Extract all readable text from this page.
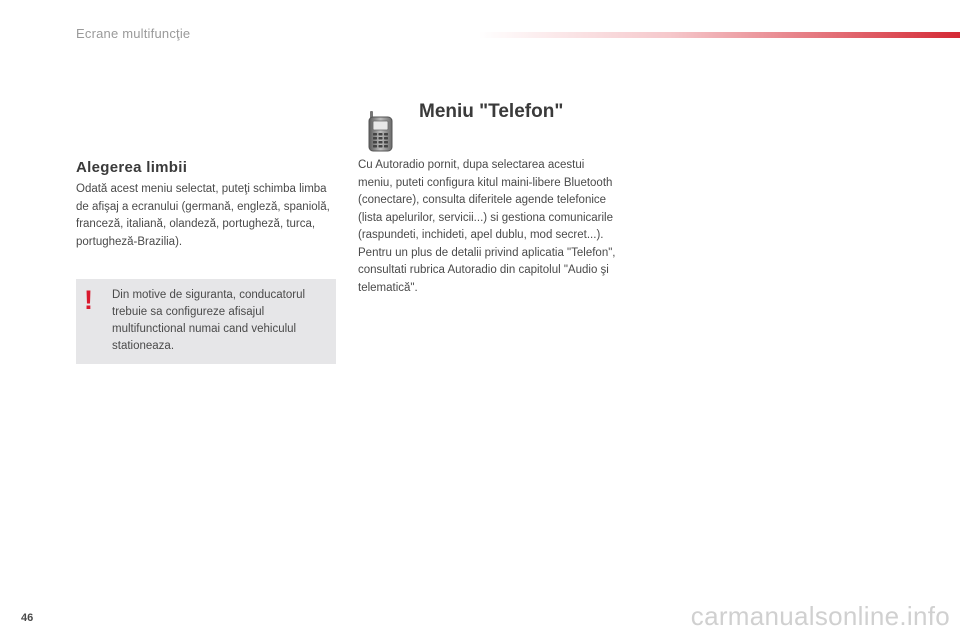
Ecrane multifuncţie
Meniu "Telefon"
Alegerea limbii
Odată acest meniu selectat, puteţi schimba limba de afişaj a ecranului (germană, engleză, spaniolă, franceză, italiană, olandeză, portugheză, turca, portugheză-Brazilia).
! Din motive de siguranta, conducatorul trebuie sa configureze afisajul multifunctional numai cand vehiculul stationeaza.
Cu Autoradio pornit, dupa selectarea acestui meniu, puteti configura kitul maini-libere Bluetooth (conectare), consulta diferitele agende telefonice (lista apelurilor, servicii...) si gestiona comunicarile (raspundeti, inchideti, apel dublu, mod secret...).
Pentru un plus de detalii privind aplicatia "Telefon", consultati rubrica Autoradio din capitolul "Audio şi telematică".
46	carmanualsonline.info
